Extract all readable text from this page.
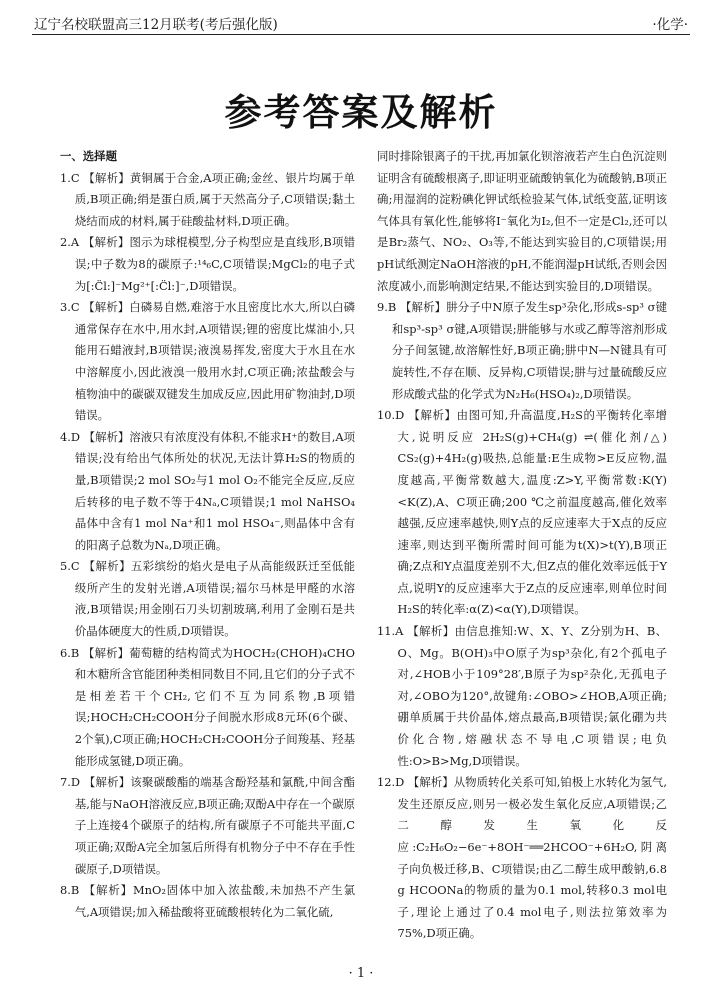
辽宁名校联盟高三12月联考(考后强化版)	·化学·
参考答案及解析

一、选择题

1.C 【解析】黄铜属于合金,A项正确;金丝、银片均属于单质,B项正确;绢是蛋白质,属于天然高分子,C项错误;黏土烧结而成的材料,属于硅酸盐材料,D项正确。

2.A 【解析】图示为球棍模型,分子构型应是直线形,B项错误;中子数为8的碳原子:¹⁴₆C,C项错误;MgCl₂的电子式为[:C̈l:]⁻Mg²⁺[:C̈l:]⁻,D项错误。

3.C 【解析】白磷易自燃,难溶于水且密度比水大,所以白磷通常保存在水中,用水封,A项错误;锂的密度比煤油小,只能用石蜡液封,B项错误;液溴易挥发,密度大于水且在水中溶解度小,因此液溴一般用水封,C项正确;浓盐酸会与植物油中的碳碳双键发生加成反应,因此用矿物油封,D项错误。

4.D 【解析】溶液只有浓度没有体积,不能求H⁺的数目,A项错误;没有给出气体所处的状况,无法计算H₂S的物质的量,B项错误;2 mol SO₂与1 mol O₂不能完全反应,反应后转移的电子数不等于4Nₐ,C项错误;1 mol NaHSO₄晶体中含有1 mol Na⁺和1 mol HSO₄⁻,则晶体中含有的阳离子总数为Nₐ,D项正确。

5.C 【解析】五彩缤纷的焰火是电子从高能级跃迁至低能级所产生的发射光谱,A项错误;福尔马林是甲醛的水溶液,B项错误;用金刚石刀头切割玻璃,利用了金刚石是共价晶体硬度大的性质,D项错误。

6.B 【解析】葡萄糖的结构简式为HOCH₂(CHOH)₄CHO和木糖所含官能团种类相同数目不同,且它们的分子式不是相差若干个CH₂,它们不互为同系物,B项错误;HOCH₂CH₂COOH分子间脱水形成8元环(6个碳、2个氧),C项正确;HOCH₂CH₂COOH分子间羧基、羟基能形成氢键,D项正确。

7.D 【解析】该聚碳酸酯的端基含酚羟基和氯酰,中间含酯基,能与NaOH溶液反应,B项正确;双酚A中存在一个碳原子上连接4个碳原子的结构,所有碳原子不可能共平面,C项正确;双酚A完全加氢后所得有机物分子中不存在手性碳原子,D项错误。

8.B 【解析】MnO₂固体中加入浓盐酸,未加热不产生氯气,A项错误;加入稀盐酸将亚硫酸根转化为二氧化硫,

同时排除银离子的干扰,再加氯化钡溶液若产生白色沉淀则证明含有硫酸根离子,即证明亚硫酸钠氧化为硫酸钠,B项正确;用湿润的淀粉碘化钾试纸检验某气体,试纸变蓝,证明该气体具有氧化性,能够将I⁻氧化为I₂,但不一定是Cl₂,还可以是Br₂蒸气、NO₂、O₃等,不能达到实验目的,C项错误;用pH试纸测定NaOH溶液的pH,不能润湿pH试纸,否则会因浓度减小,而影响测定结果,不能达到实验目的,D项错误。

9.B 【解析】肼分子中N原子发生sp³杂化,形成s-sp³ σ键和sp³-sp³ σ键,A项错误;肼能够与水或乙醇等溶剂形成分子间氢键,故溶解性好,B项正确;肼中N—N键具有可旋转性,不存在顺、反异构,C项错误;肼与过量硫酸反应形成酸式盐的化学式为N₂H₆(HSO₄)₂,D项错误。

10.D 【解析】由图可知,升高温度,H₂S的平衡转化率增大,说明反应 2H₂S(g)+CH₄(g) ⇌(催化剂/△) CS₂(g)+4H₂(g)吸热,总能量:E生成物>E反应物,温度越高,平衡常数越大,温度:Z>Y,平衡常数:K(Y)<K(Z),A、C项正确;200 ℃之前温度越高,催化效率越强,反应速率越快,则Y点的反应速率大于X点的反应速率,则达到平衡所需时间可能为t(X)>t(Y),B项正确;Z点和Y点温度差别不大,但Z点的催化效率远低于Y点,说明Y的反应速率大于Z点的反应速率,则单位时间H₂S的转化率:α(Z)<α(Y),D项错误。

11.A 【解析】由信息推知:W、X、Y、Z分别为H、B、O、Mg。B(OH)₃中O原子为sp³杂化,有2个孤电子对,∠HOB小于109°28′,B原子为sp²杂化,无孤电子对,∠OBO为120°,故键角:∠OBO>∠HOB,A项正确;硼单质属于共价晶体,熔点最高,B项错误;氯化硼为共价化合物,熔融状态不导电,C项错误;电负性:O>B>Mg,D项错误。

12.D 【解析】从物质转化关系可知,铂极上水转化为氢气,发生还原反应,则另一极必发生氧化反应,A项错误;乙二醇发生氧化反应:C₂H₆O₂−6e⁻+8OH⁻══2HCOO⁻+6H₂O,阴离子向负极迁移,B、C项错误;由乙二醇生成甲酸钠,6.8 g HCOONa的物质的量为0.1 mol,转移0.3 mol电子,理论上通过了0.4 mol电子,则法拉第效率为75%,D项正确。

· 1 ·
